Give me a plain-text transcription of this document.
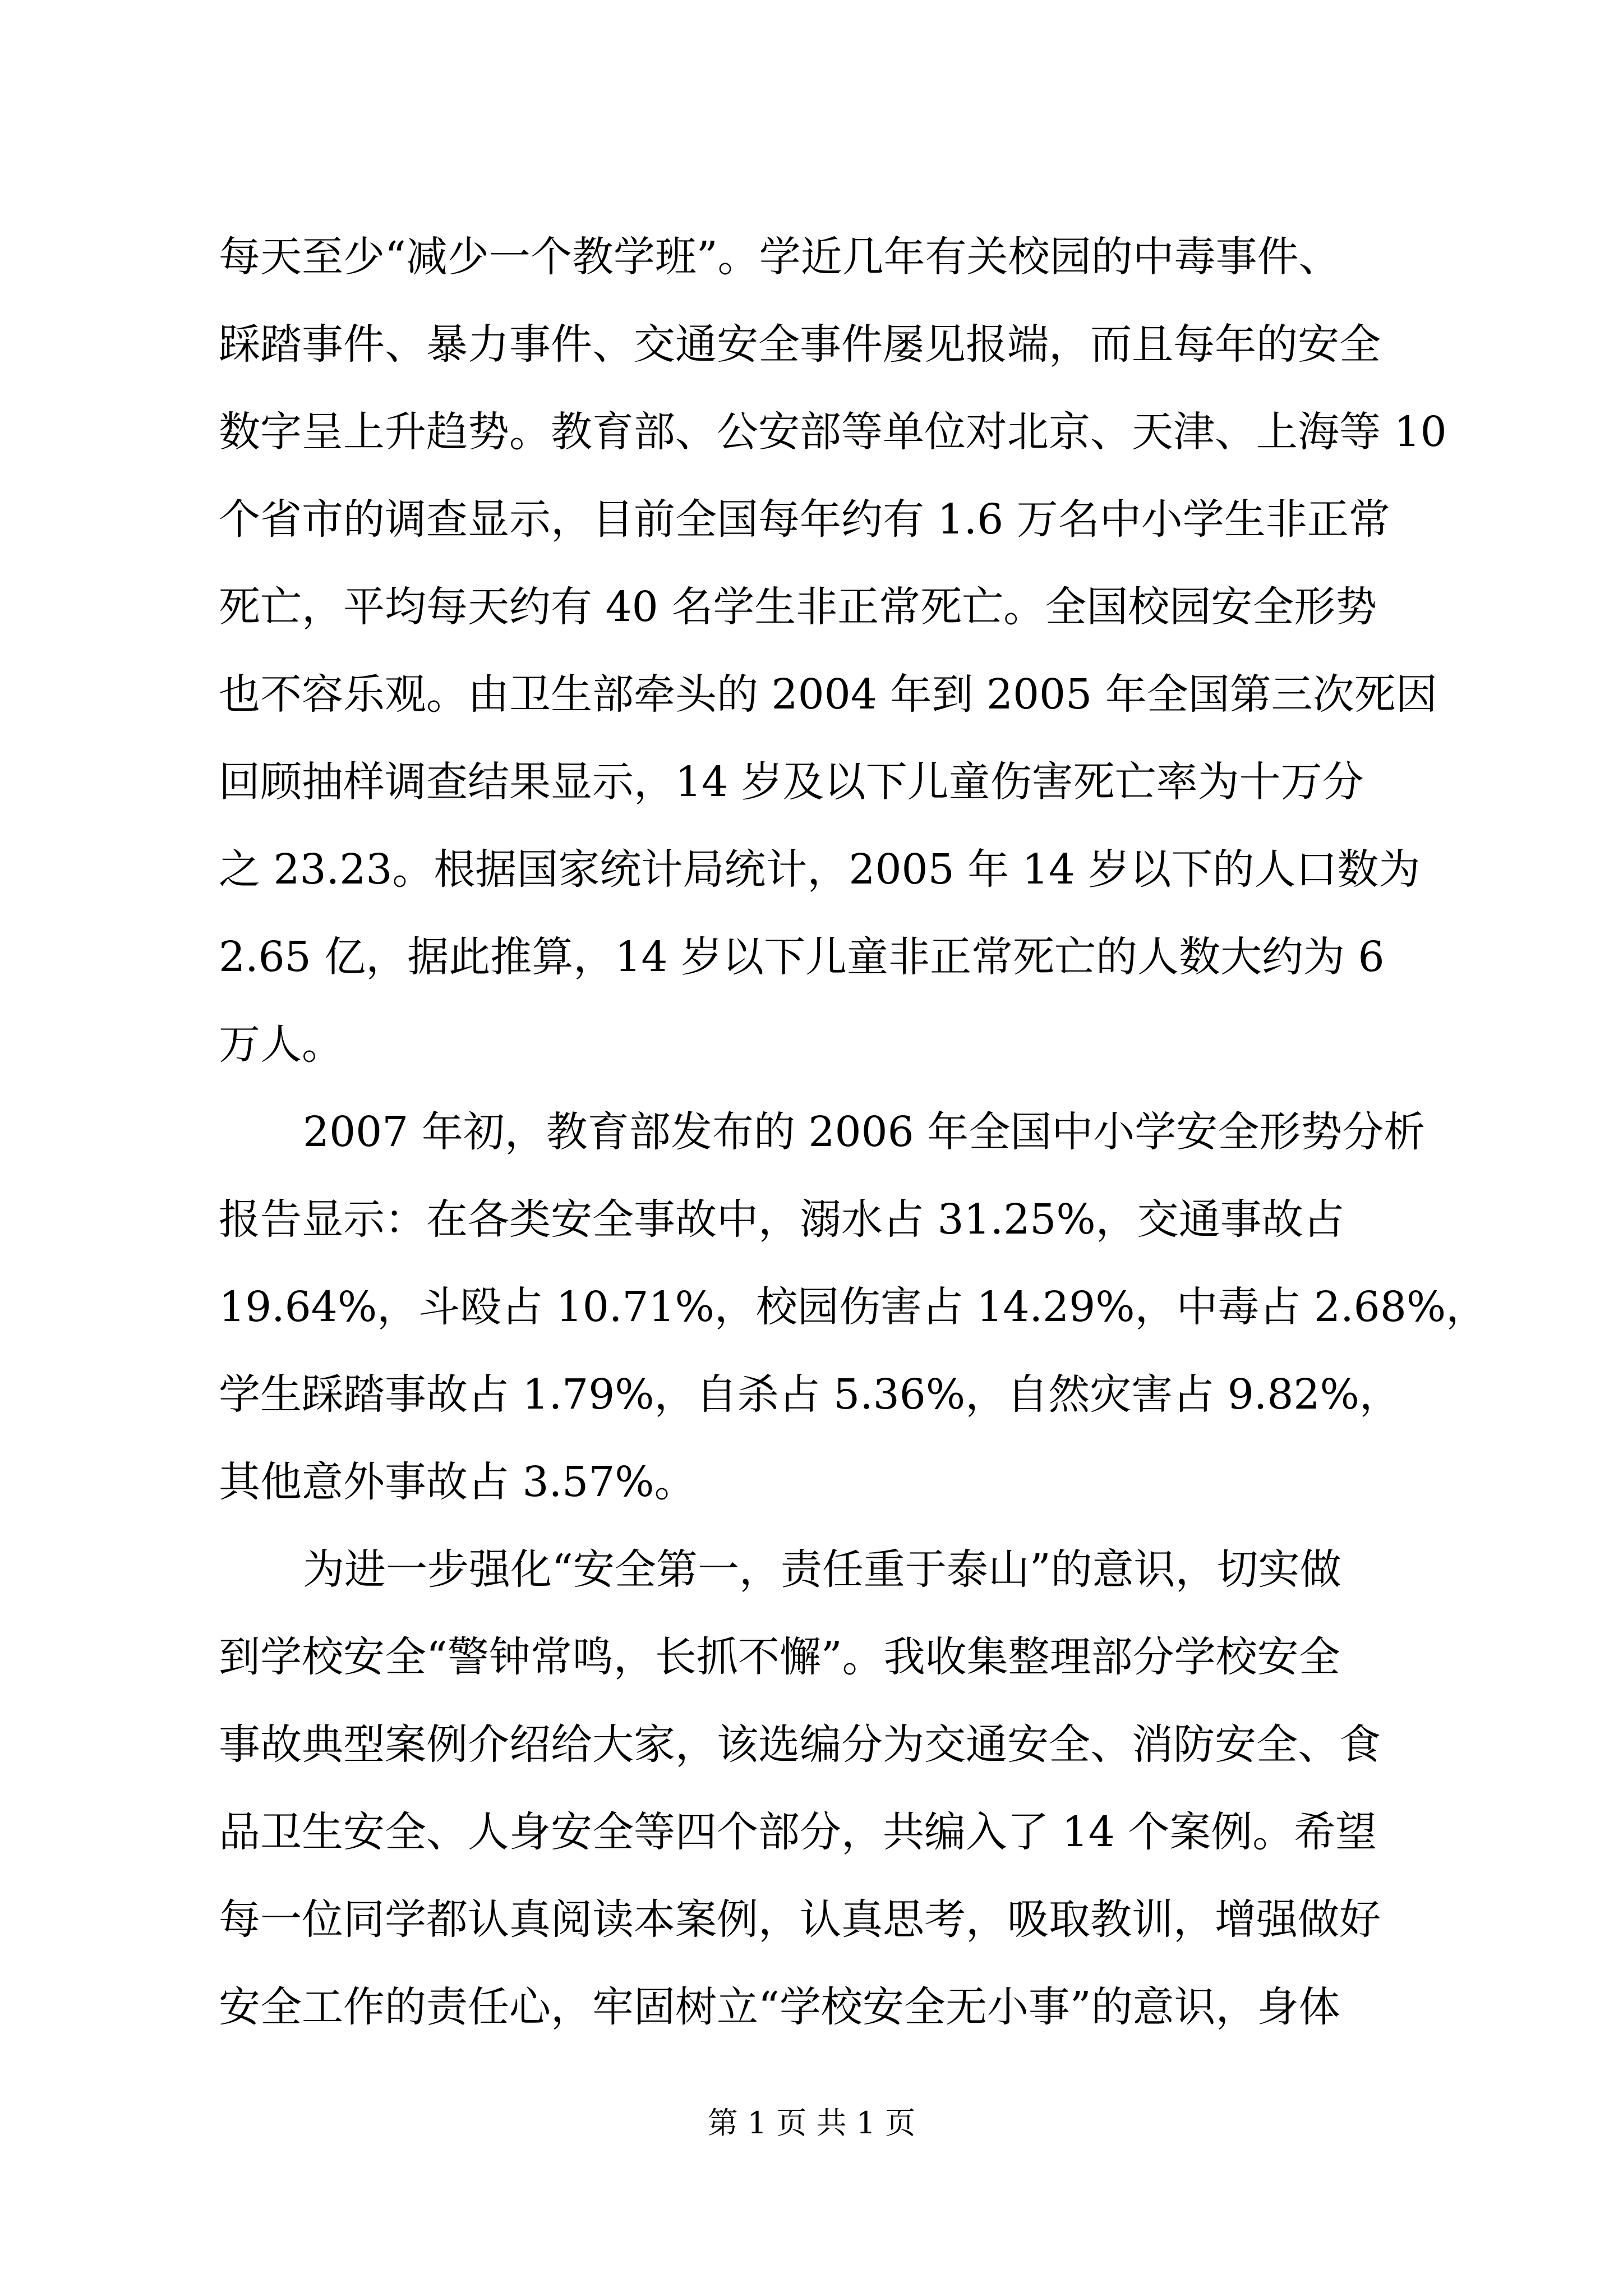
每天至少“减少一个教学班”。学近几年有关校园的中毒事件、
踩踏事件、暴力事件、交通安全事件屡见报端，而且每年的安全
数字呈上升趋势。教育部、公安部等单位对北京、天津、上海等 10
个省市的调查显示，目前全国每年约有 1.6 万名中小学生非正常
死亡，平均每天约有 40 名学生非正常死亡。全国校园安全形势
也不容乐观。由卫生部牵头的 2004 年到 2005 年全国第三次死因
回顾抽样调查结果显示，14 岁及以下儿童伤害死亡率为十万分
之 23.23。根据国家统计局统计，2005 年 14 岁以下的人口数为
2.65 亿，据此推算，14 岁以下儿童非正常死亡的人数大约为 6
万人。
2007 年初，教育部发布的 2006 年全国中小学安全形势分析
报告显示：在各类安全事故中，溺水占 31.25%，交通事故占
19.64%，斗殴占 10.71%，校园伤害占 14.29%，中毒占 2.68%，
学生踩踏事故占 1.79%，自杀占 5.36%，自然灾害占 9.82%，
其他意外事故占 3.57%。
为进一步强化“安全第一，责任重于泰山”的意识，切实做
到学校安全“警钟常鸣，长抓不懈”。我收集整理部分学校安全
事故典型案例介绍给大家，该选编分为交通安全、消防安全、食
品卫生安全、人身安全等四个部分，共编入了 14 个案例。希望
每一位同学都认真阅读本案例，认真思考，吸取教训，增强做好
安全工作的责任心，牢固树立“学校安全无小事”的意识，身体
第 1 页 共 1 页
